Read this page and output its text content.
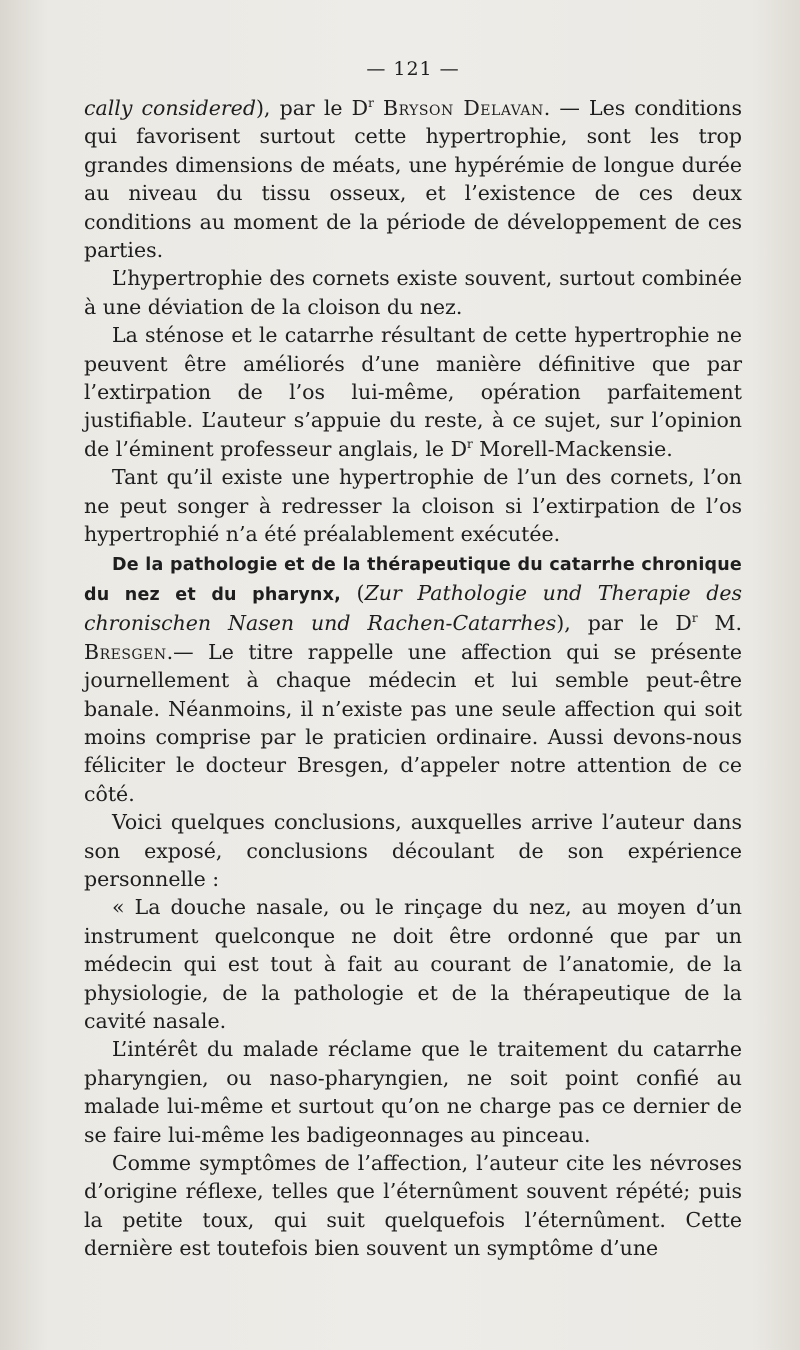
— 121 —

cally considered), par le $D^r$ Bryson Delavan. — Les conditions qui favorisent surtout cette hypertrophie, sont les trop grandes dimensions de méats, une hypérémie de longue durée au niveau du tissu osseux, et l’existence de ces deux conditions au moment de la période de développement de ces parties.

L’hypertrophie des cornets existe souvent, surtout combinée à une déviation de la cloison du nez.

La sténose et le catarrhe résultant de cette hypertrophie ne peuvent être améliorés d’une manière définitive que par l’extirpation de l’os lui-même, opération parfaitement justifiable. L’auteur s’appuie du reste, à ce sujet, sur l’opinion de l’éminent professeur anglais, le $D^r$ Morell-Mackensie.

Tant qu’il existe une hypertrophie de l’un des cornets, l’on ne peut songer à redresser la cloison si l’extirpation de l’os hypertrophié n’a été préalablement exécutée.

De la pathologie et de la thérapeutique du catarrhe chronique du nez et du pharynx, (Zur Pathologie und Therapie des chronischen Nasen und Rachen-Catarrhes), par le $D^r$ M. Bresgen.— Le titre rappelle une affection qui se présente journellement à chaque médecin et lui semble peut-être banale. Néanmoins, il n’existe pas une seule affection qui soit moins comprise par le praticien ordinaire. Aussi devons-nous féliciter le docteur Bresgen, d’appeler notre attention de ce côté.

Voici quelques conclusions, auxquelles arrive l’auteur dans son exposé, conclusions découlant de son expérience personnelle :

« La douche nasale, ou le rinçage du nez, au moyen d’un instrument quelconque ne doit être ordonné que par un médecin qui est tout à fait au courant de l’anatomie, de la physiologie, de la pathologie et de la thérapeutique de la cavité nasale.

L’intérêt du malade réclame que le traitement du catarrhe pharyngien, ou naso-pharyngien, ne soit point confié au malade lui-même et surtout qu’on ne charge pas ce dernier de se faire lui-même les badigeonnages au pinceau.

Comme symptômes de l’affection, l’auteur cite les névroses d’origine réflexe, telles que l’éternûment souvent répété; puis la petite toux, qui suit quelquefois l’éternûment. Cette dernière est toutefois bien souvent un symptôme d’une
